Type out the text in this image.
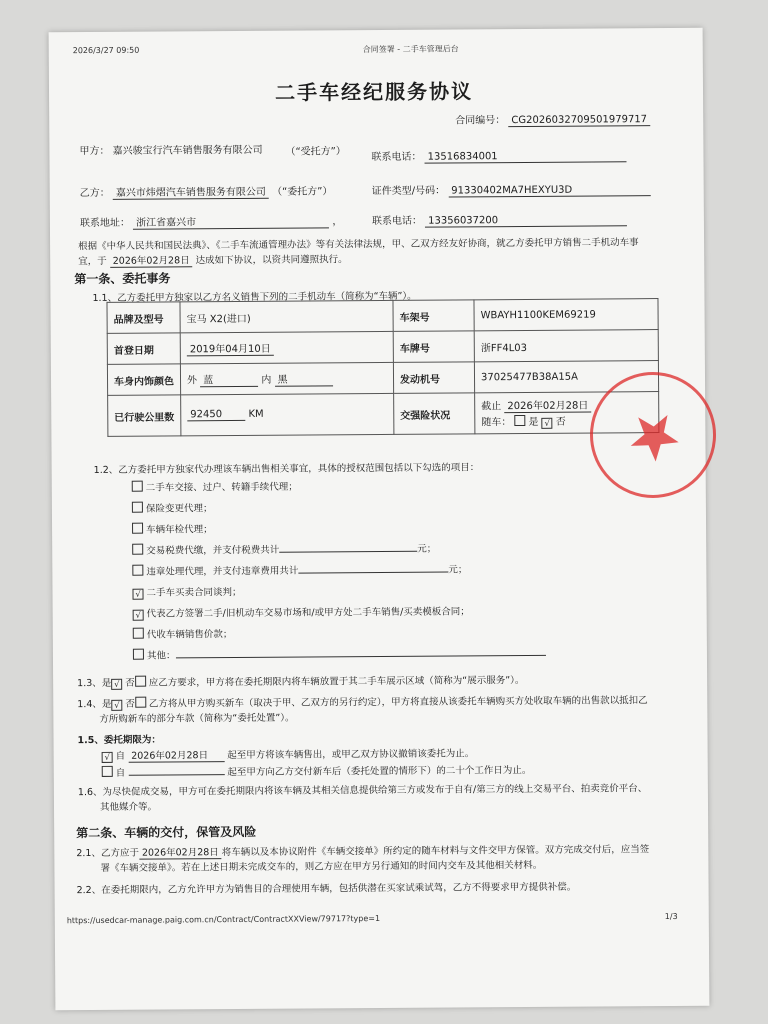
2026/3/27 09:50	合同签署 - 二手车管理后台
二手车经纪服务协议
合同编号： CG2026032709501979717
甲方： 嘉兴骏宝行汽车销售服务有限公司	（“受托方”）	联系电话： 13516834001
乙方： 嘉兴市炜熠汽车销售服务有限公司 （“委托方”）	证件类型/号码： 91330402MA7HEXYU3D
联系地址： 浙江省嘉兴市	，	联系电话： 13356037200
根据《中华人民共和国民法典》、《二手车流通管理办法》等有关法律法规，甲、乙双方经友好协商，就乙方委托甲方销售二手机动车事
宜，于 2026年02月28日 达成如下协议，以资共同遵照执行。
第一条、委托事务
1.1、乙方委托甲方独家以乙方名义销售下列的二手机动车（简称为“车辆”）。
品牌及型号	宝马 X2(进口)	车架号	WBAYH1100KEM69219
首登日期	2019年04月10日	车牌号	浙FF4L03
车身内饰颜色	外 蓝 内 黑	发动机号	37025477B38A15A
已行驶公里数	92450 KM	交强险状况	截止 2026年02月28日
随车： 是 √ 否
1.2、乙方委托甲方独家代办理该车辆出售相关事宜，具体的授权范围包括以下勾选的项目：
二手车交接、过户、转籍手续代理；
保险变更代理；
车辆年检代理；
交易税费代缴，并支付税费共计	元；
违章处理代理，并支付违章费用共计	元；
√ 二手车买卖合同谈判；
√ 代表乙方签署二手/旧机动车交易市场和/或甲方处二手车销售/买卖模板合同；
代收车辆销售价款；
其他：
1.3、是 √ 否 应乙方要求，甲方将在委托期限内将车辆放置于其二手车展示区域（简称为“展示服务”）。
1.4、是 √ 否 乙方将从甲方购买新车（取决于甲、乙双方的另行约定），甲方将直接从该委托车辆购买方处收取车辆的出售款以抵扣乙
方所购新车的部分车款（简称为“委托处置”）。
1.5、委托期限为：
√ 自 2026年02月28日 起至甲方将该车辆售出，或甲乙双方协议撤销该委托为止。
自	起至甲方向乙方交付新车后（委托处置的情形下）的二十个工作日为止。
1.6、为尽快促成交易，甲方可在委托期限内将该车辆及其相关信息提供给第三方或发布于自有/第三方的线上交易平台、拍卖竞价平台、
其他媒介等。
第二条、车辆的交付，保管及风险
2.1、乙方应于 2026年02月28日 将车辆以及本协议附件《车辆交接单》所约定的随车材料与文件交甲方保管。双方完成交付后，应当签
署《车辆交接单》。若在上述日期未完成交车的，则乙方应在甲方另行通知的时间内交车及其他相关材料。
2.2、在委托期限内，乙方允许甲方为销售目的合理使用车辆，包括供潜在买家试乘试驾，乙方不得要求甲方提供补偿。
https://usedcar-manage.paig.com.cn/Contract/ContractXXView/79717?type=1	1/3
